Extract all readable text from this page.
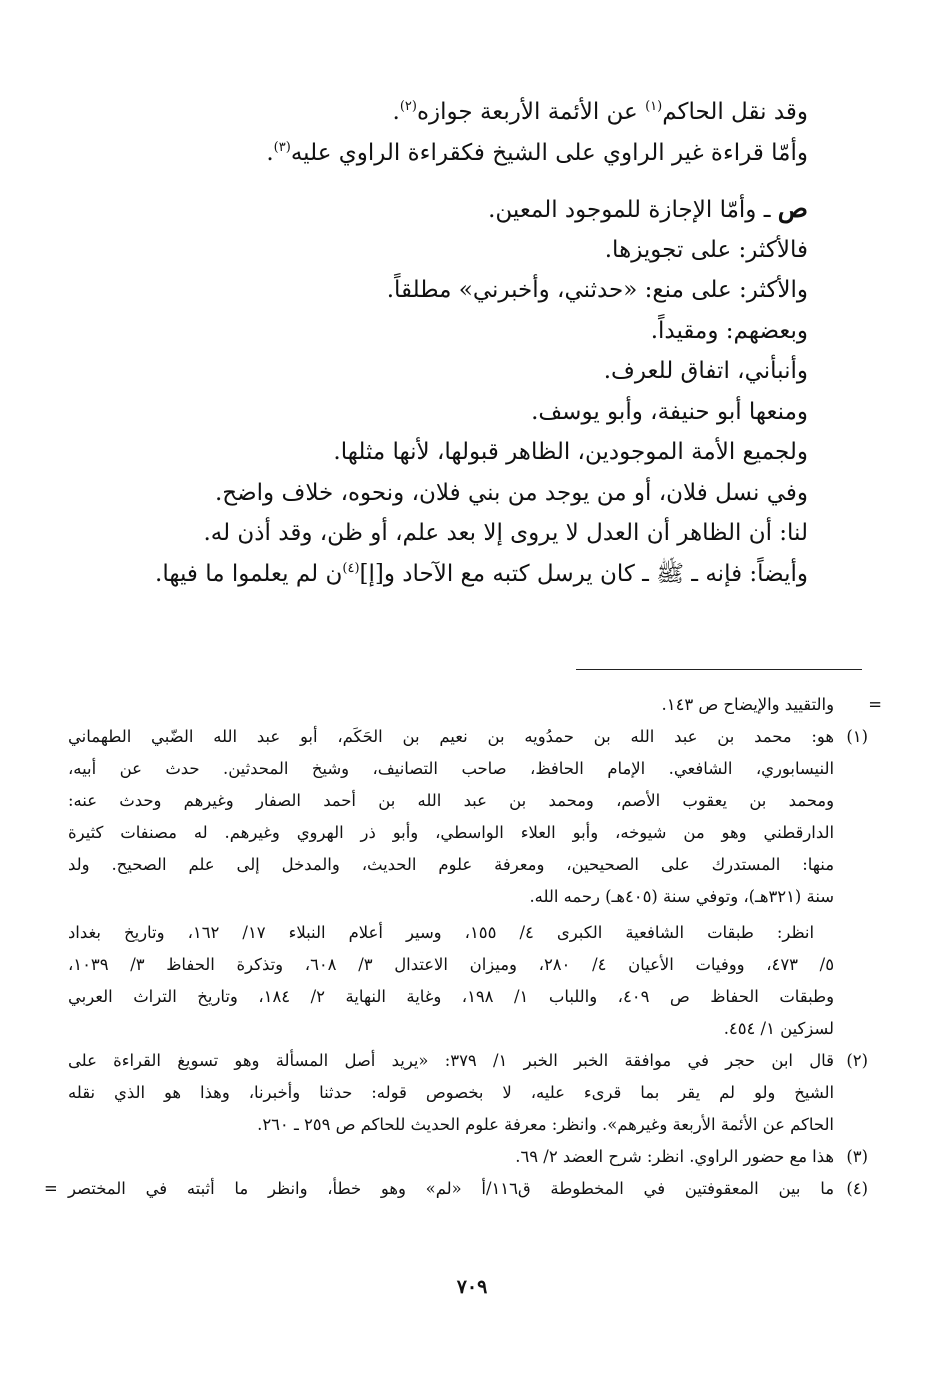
وقد نقل الحاكم$^{(١)}$ عن الأئمة الأربعة جوازه$^{(٢)}$.
وأمّا قراءة غير الراوي على الشيخ فكقراءة الراوي عليه$^{(٣)}$.
ص ـ وأمّا الإجازة للموجود المعين.
فالأكثر: على تجويزها.
والأكثر: على منع: «حدثني، وأخبرني» مطلقاً.
وبعضهم: ومقيداً.
وأنبأني، اتفاق للعرف.
ومنعها أبو حنيفة، وأبو يوسف.
ولجميع الأمة الموجودين، الظاهر قبولها، لأنها مثلها.
وفي نسل فلان، أو من يوجد من بني فلان، ونحوه، خلاف واضح.
لنا: أن الظاهر أن العدل لا يروى إلا بعد علم، أو ظن، وقد أذن له.
وأيضاً: فإنه ـ ﷺ ـ كان يرسل كتبه مع الآحاد و[إ]$^{(٤)}$ن لم يعلموا ما فيها.
=
والتقييد والإيضاح ص ١٤٣.
(١)
هو: محمد بن عبد الله بن حمدُويه بن نعيم بن الحَكَم، أبو عبد الله الضّبي الطهماني
النيسابوري، الشافعي. الإمام الحافظ، صاحب التصانيف، وشيخ المحدثين. حدث عن أبيه،
ومحمد بن يعقوب الأصم، ومحمد بن عبد الله بن أحمد الصفار وغيرهم وحدث عنه:
الدارقطني وهو من شيوخه، وأبو العلاء الواسطي، وأبو ذر الهروي وغيرهم. له مصنفات كثيرة
منها: المستدرك على الصحيحين، ومعرفة علوم الحديث، والمدخل إلى علم الصحيح. ولد
سنة (٣٢١هـ)، وتوفي سنة (٤٠٥هـ) رحمه الله.
انظر: طبقات الشافعية الكبرى ٤/ ١٥٥، وسير أعلام النبلاء ١٧/ ١٦٢، وتاريخ بغداد
٥/ ٤٧٣، ووفيات الأعيان ٤/ ٢٨٠، وميزان الاعتدال ٣/ ٦٠٨، وتذكرة الحفاظ ٣/ ١٠٣٩،
وطبقات الحفاظ ص ٤٠٩، واللباب ١/ ١٩٨، وغاية النهاية ٢/ ١٨٤، وتاريخ التراث العربي
لسزكين ١/ ٤٥٤.
(٢)
قال ابن حجر في موافقة الخبر الخبر ١/ ٣٧٩: «يريد أصل المسألة وهو تسويغ القراءة على
الشيخ ولو لم يقر بما قرىء عليه، لا بخصوص قوله: حدثنا وأخبرنا، وهذا هو الذي نقله
الحاكم عن الأئمة الأربعة وغيرهم». وانظر: معرفة علوم الحديث للحاكم ص ٢٥٩ ـ ٢٦٠.
(٣)
هذا مع حضور الراوي. انظر: شرح العضد ٢/ ٦٩.
(٤)
ما بين المعقوفتين في المخطوطة ق١١٦/أ «لم» وهو خطأ، وانظر ما أثبته في المختصر
=
٧٠٩
